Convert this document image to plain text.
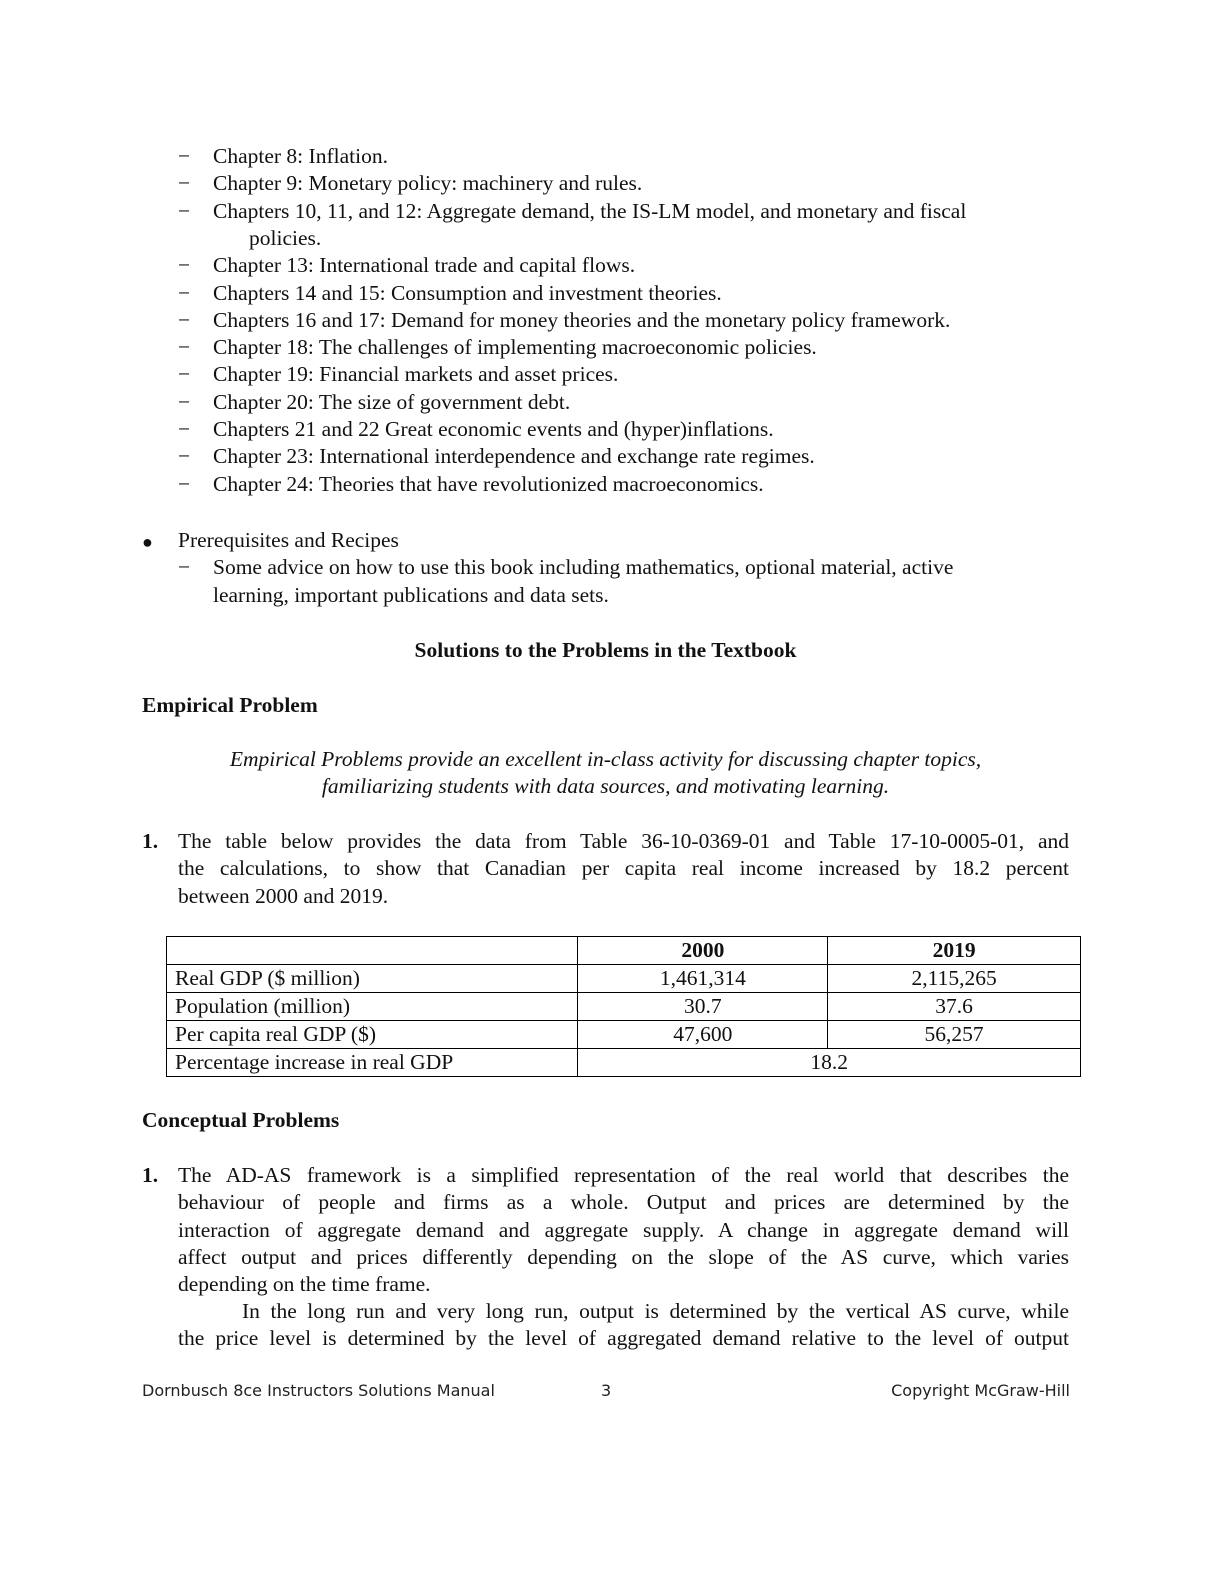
−	Chapter 8: Inflation.
−	Chapter 9: Monetary policy: machinery and rules.
−	Chapters 10, 11, and 12: Aggregate demand, the IS-LM model, and monetary and fiscal
policies.
−	Chapter 13: International trade and capital flows.
−	Chapters 14 and 15: Consumption and investment theories.
−	Chapters 16 and 17: Demand for money theories and the monetary policy framework.
−	Chapter 18: The challenges of implementing macroeconomic policies.
−	Chapter 19: Financial markets and asset prices.
−	Chapter 20: The size of government debt.
−	Chapters 21 and 22 Great economic events and (hyper)inflations.
−	Chapter 23: International interdependence and exchange rate regimes.
−	Chapter 24: Theories that have revolutionized macroeconomics.
● Prerequisites and Recipes
−	Some advice on how to use this book including mathematics, optional material, active
learning, important publications and data sets.
Solutions to the Problems in the Textbook
Empirical Problem
Empirical Problems provide an excellent in-class activity for discussing chapter topics,
familiarizing students with data sources, and motivating learning.
1. The table below provides the data from Table 36-10-0369-01 and Table 17-10-0005-01, and
the calculations, to show that Canadian per capita real income increased by 18.2 percent
between 2000 and 2019.
	2000	2019
Real GDP ($ million)	1,461,314	2,115,265
Population (million)	30.7	37.6
Per capita real GDP ($)	47,600	56,257
Percentage increase in real GDP	18.2	
Conceptual Problems
1. The AD-AS framework is a simplified representation of the real world that describes the
behaviour of people and firms as a whole. Output and prices are determined by the
interaction of aggregate demand and aggregate supply. A change in aggregate demand will
affect output and prices differently depending on the slope of the AS curve, which varies
depending on the time frame.
In the long run and very long run, output is determined by the vertical AS curve, while
the price level is determined by the level of aggregated demand relative to the level of output
Dornbusch 8ce Instructors Solutions Manual	3	Copyright McGraw-Hill
